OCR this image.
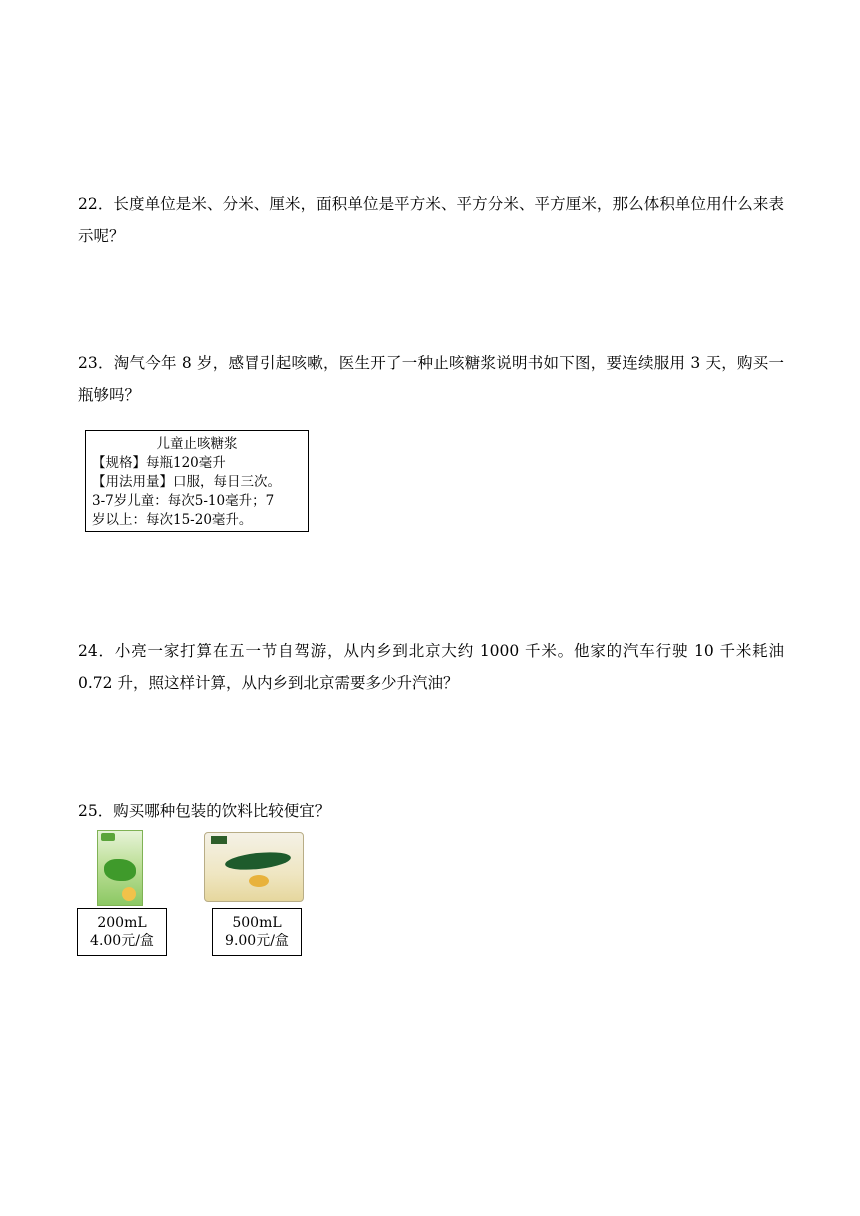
22．长度单位是米、分米、厘米，面积单位是平方米、平方分米、平方厘米，那么体积单位用什么来表示呢？
23．淘气今年 8 岁，感冒引起咳嗽，医生开了一种止咳糖浆说明书如下图，要连续服用 3 天，购买一瓶够吗？
儿童止咳糖浆
【规格】每瓶120毫升
【用法用量】口服，每日三次。
3-7岁儿童：每次5-10毫升；7
岁以上：每次15-20毫升。
24．小亮一家打算在五一节自驾游，从内乡到北京大约 1000 千米。他家的汽车行驶 10 千米耗油 0.72 升，照这样计算，从内乡到北京需要多少升汽油？
25．购买哪种包装的饮料比较便宜？
200mL
4.00元/盒
500mL
9.00元/盒
